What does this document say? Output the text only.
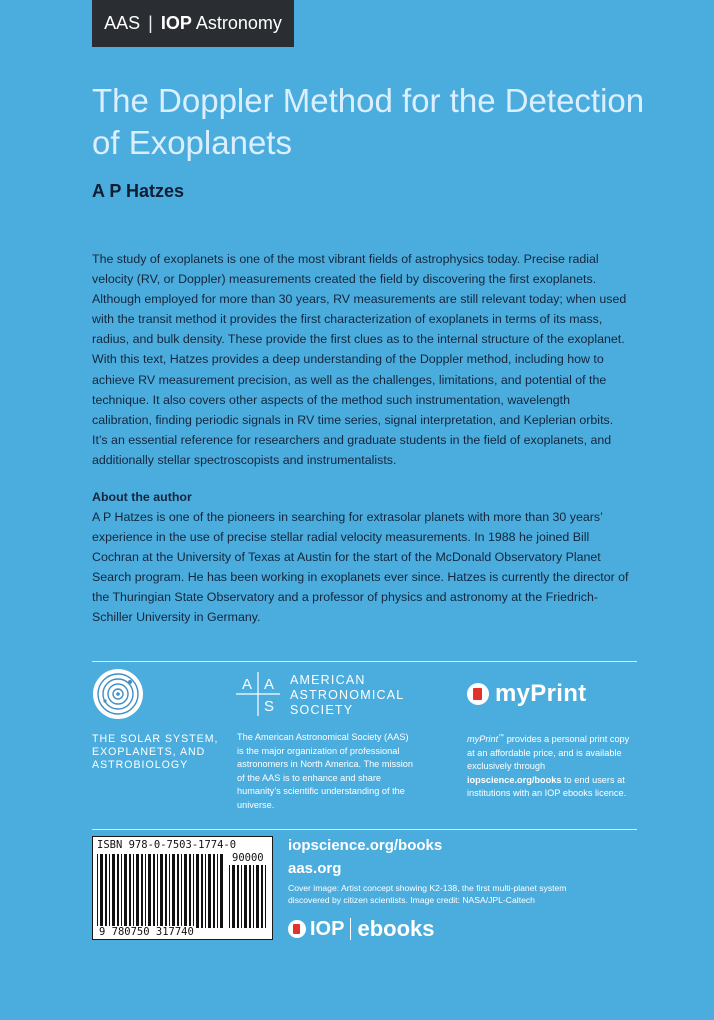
AAS | IOP Astronomy
The Doppler Method for the Detection of Exoplanets

A P Hatzes

The study of exoplanets is one of the most vibrant fields of astrophysics today. Precise radial velocity (RV, or Doppler) measurements created the field by discovering the first exoplanets. Although employed for more than 30 years, RV measurements are still relevant today; when used with the transit method it provides the first characterization of exoplanets in terms of its mass, radius, and bulk density. These provide the first clues as to the internal structure of the exoplanet. With this text, Hatzes provides a deep understanding of the Doppler method, including how to achieve RV measurement precision, as well as the challenges, limitations, and potential of the technique. It also covers other aspects of the method such instrumentation, wavelength calibration, finding periodic signals in RV time series, signal interpretation, and Keplerian orbits. It’s an essential reference for researchers and graduate students in the field of exoplanets, and additionally stellar spectroscopists and instrumentalists.

About the author

A P Hatzes is one of the pioneers in searching for extrasolar planets with more than 30 years’ experience in the use of precise stellar radial velocity measurements. In 1988 he joined Bill Cochran at the University of Texas at Austin for the start of the McDonald Observatory Planet Search program. He has been working in exoplanets ever since. Hatzes is currently the director of the Thuringian State Observatory and a professor of physics and astronomy at the Friedrich-Schiller University in Germany.

THE SOLAR SYSTEM,
EXOPLANETS, AND
ASTROBIOLOGY
A A
S
AMERICAN
ASTRONOMICAL
SOCIETY
myPrint
The American Astronomical Society (AAS) is the major organization of professional astronomers in North America. The mission of the AAS is to enhance and share humanity’s scientific understanding of the universe.
myPrint™ provides a personal print copy at an affordable price, and is available exclusively through iopscience.org/books to end users at institutions with an IOP ebooks licence.
ISBN 978-0-7503-1774-0
90000
9 780750 317740
iopscience.org/books
aas.org
Cover image: Artist concept showing K2-138, the first multi-planet system discovered by citizen scientists. Image credit: NASA/JPL-Caltech
IOP ebooks
